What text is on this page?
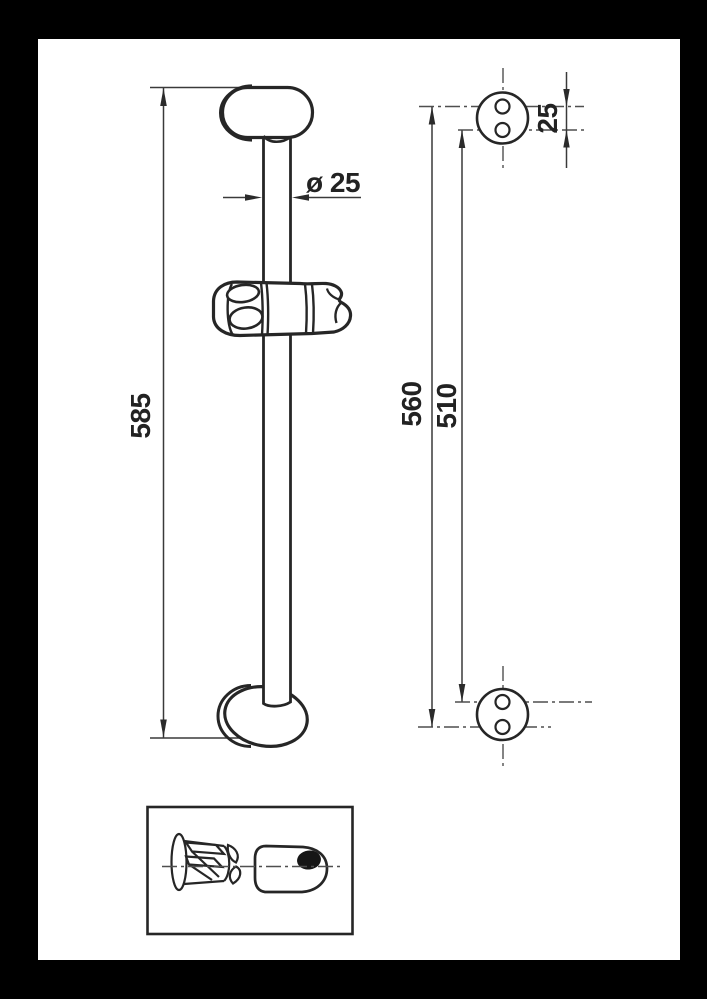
585
ø 25
560 510
25
